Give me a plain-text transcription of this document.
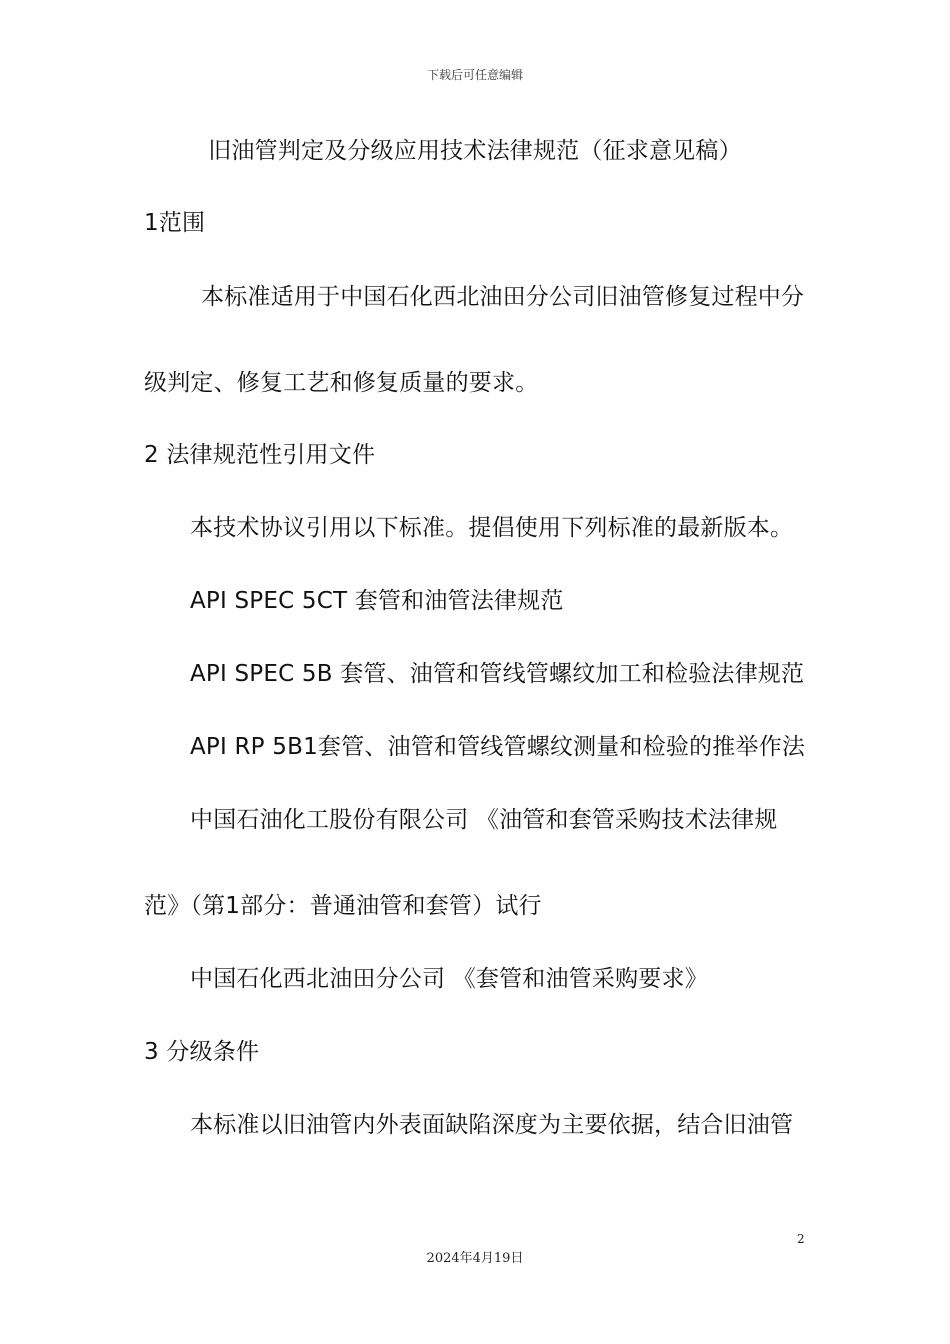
下载后可任意编辑
旧油管判定及分级应用技术法律规范（征求意见稿）
1范围
本标准适用于中国石化西北油田分公司旧油管修复过程中分
级判定、修复工艺和修复质量的要求。
2 法律规范性引用文件
本技术协议引用以下标准。提倡使用下列标准的最新版本。
API SPEC 5CT 套管和油管法律规范
API SPEC 5B 套管、油管和管线管螺纹加工和检验法律规范
API RP 5B1套管、油管和管线管螺纹测量和检验的推举作法
中国石油化工股份有限公司 《油管和套管采购技术法律规
范》（第1部分：普通油管和套管）试行
中国石化西北油田分公司 《套管和油管采购要求》
3 分级条件
本标准以旧油管内外表面缺陷深度为主要依据，结合旧油管
2
2024年4月19日
